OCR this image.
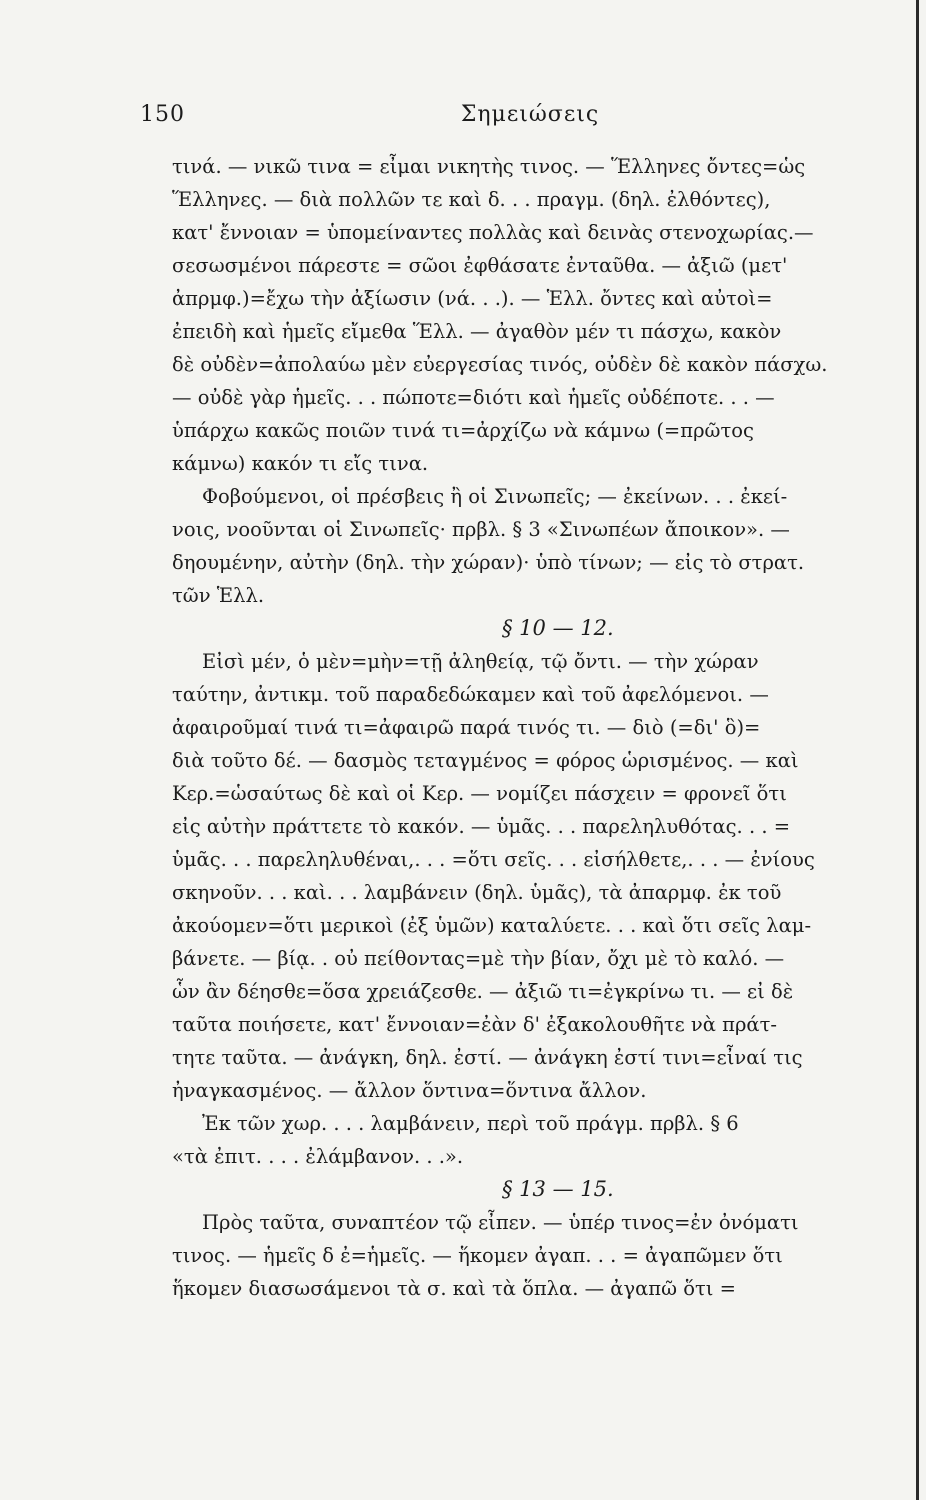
150	Σημειώσεις
τινά. — νικῶ τινα = εἶμαι νικητὴς τινος. — Ἕλληνες ὄντες=ὡς
Ἕλληνες. — διὰ πολλῶν τε καὶ δ. . . πραγμ. (δηλ. ἐλθόντες),
κατ' ἔννοιαν = ὑπομείναντες πολλὰς καὶ δεινὰς στενοχωρίας.—
σεσωσμένοι πάρεστε = σῶοι ἐφθάσατε ἐνταῦθα. — ἀξιῶ (μετ'
ἀπρμφ.)=ἔχω τὴν ἀξίωσιν (νά. . .). — Ἑλλ. ὄντες καὶ αὐτοὶ=
ἐπειδὴ καὶ ἡμεῖς εἴμεθα Ἕλλ. — ἀγαθὸν μέν τι πάσχω, κακὸν
δὲ οὐδὲν=ἀπολαύω μὲν εὐεργεσίας τινός, οὐδὲν δὲ κακὸν πάσχω.
— οὐδὲ γὰρ ἡμεῖς. . . πώποτε=διότι καὶ ἡμεῖς οὐδέποτε. . . —
ὑπάρχω κακῶς ποιῶν τινά τι=ἀρχίζω νὰ κάμνω (=πρῶτος
κάμνω) κακόν τι εἴς τινα.
Φοβούμενοι, οἱ πρέσβεις ἢ οἱ Σινωπεῖς; — ἐκείνων. . . ἐκεί-
νοις, νοοῦνται οἱ Σινωπεῖς· πρβλ. § 3 «Σινωπέων ἄποικον». —
δηουμένην, αὐτὴν (δηλ. τὴν χώραν)· ὑπὸ τίνων; — εἰς τὸ στρατ.
τῶν Ἑλλ.
§ 10 — 12.
Εἰσὶ μέν, ὁ μὲν=μὴν=τῇ ἀληθείᾳ, τῷ ὄντι. — τὴν χώραν
ταύτην, ἀντικμ. τοῦ παραδεδώκαμεν καὶ τοῦ ἀφελόμενοι. —
ἀφαιροῦμαί τινά τι=ἀφαιρῶ παρά τινός τι. — διὸ (=δι' ὃ)=
διὰ τοῦτο δέ. — δασμὸς τεταγμένος = φόρος ὡρισμένος. — καὶ
Κερ.=ὡσαύτως δὲ καὶ οἱ Κερ. — νομίζει πάσχειν = φρονεῖ ὅτι
εἰς αὐτὴν πράττετε τὸ κακόν. — ὑμᾶς. . . παρεληλυθότας. . . =
ὑμᾶς. . . παρεληλυθέναι,. . . =ὅτι σεῖς. . . εἰσήλθετε,. . . — ἐνίους
σκηνοῦν. . . καὶ. . . λαμβάνειν (δηλ. ὑμᾶς), τὰ ἀπαρμφ. ἐκ τοῦ
ἀκούομεν=ὅτι μερικοὶ (ἐξ ὑμῶν) καταλύετε. . . καὶ ὅτι σεῖς λαμ-
βάνετε. — βίᾳ. . οὐ πείθοντας=μὲ τὴν βίαν, ὄχι μὲ τὸ καλό. —
ὧν ἂν δέησθε=ὅσα χρειάζεσθε. — ἀξιῶ τι=ἐγκρίνω τι. — εἰ δὲ
ταῦτα ποιήσετε, κατ' ἔννοιαν=ἐὰν δ' ἐξακολουθῆτε νὰ πράτ-
τητε ταῦτα. — ἀνάγκη, δηλ. ἐστί. — ἀνάγκη ἐστί τινι=εἶναί τις
ἠναγκασμένος. — ἄλλον ὅντινα=ὅντινα ἄλλον.
Ἐκ τῶν χωρ. . . . λαμβάνειν, περὶ τοῦ πράγμ. πρβλ. § 6
«τὰ ἐπιτ. . . . ἐλάμβανον. . .».
§ 13 — 15.
Πρὸς ταῦτα, συναπτέον τῷ εἶπεν. — ὑπέρ τινος=ἐν ὀνόματι
τινος. — ἡμεῖς δ ἐ=ἡμεῖς. — ἥκομεν ἀγαπ. . . = ἀγαπῶμεν ὅτι
ἥκομεν διασωσάμενοι τὰ σ. καὶ τὰ ὅπλα. — ἀγαπῶ ὅτι =
